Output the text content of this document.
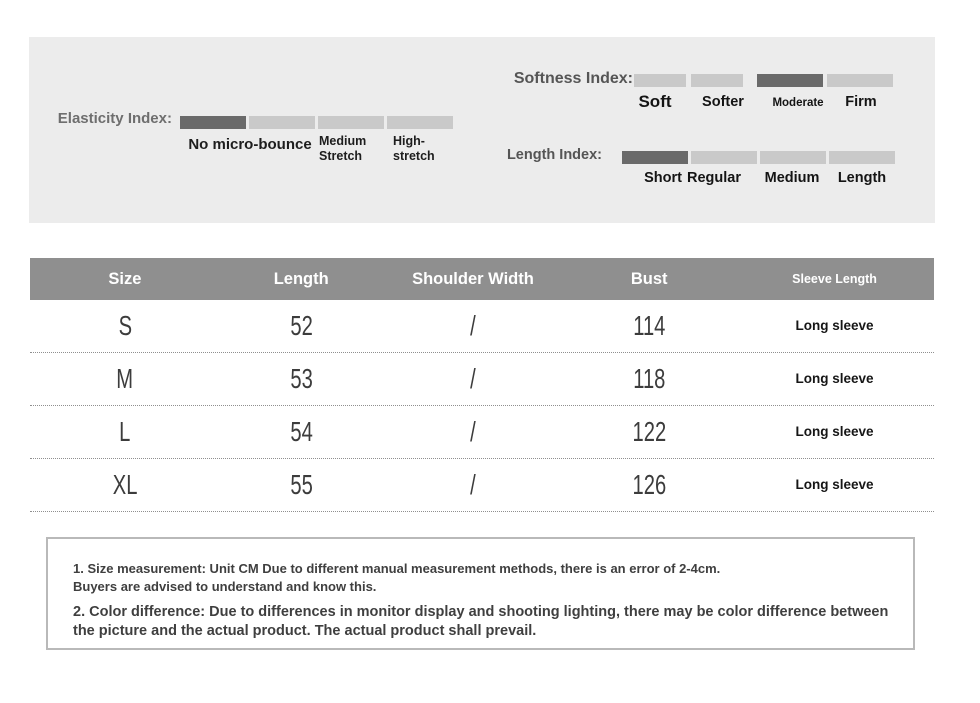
Elasticity Index:
No micro-bounce Medium Stretch
High-stretch
Softness Index:
Soft	Softer	Moderate	Firm
Length Index:
Short Regular	Medium	Length
Size	Length	Shoulder Width	Bust	Sleeve Length
S	52	/	114	Long sleeve
M	53	/	118	Long sleeve
L	54	/	122	Long sleeve
XL	55	/	126	Long sleeve

1. Size measurement: Unit CM Due to different manual measurement methods, there is an error of 2-4cm.

Buyers are advised to understand and know this.

2. Color difference: Due to differences in monitor display and shooting lighting, there may be color difference between the picture and the actual product. The actual product shall prevail.
